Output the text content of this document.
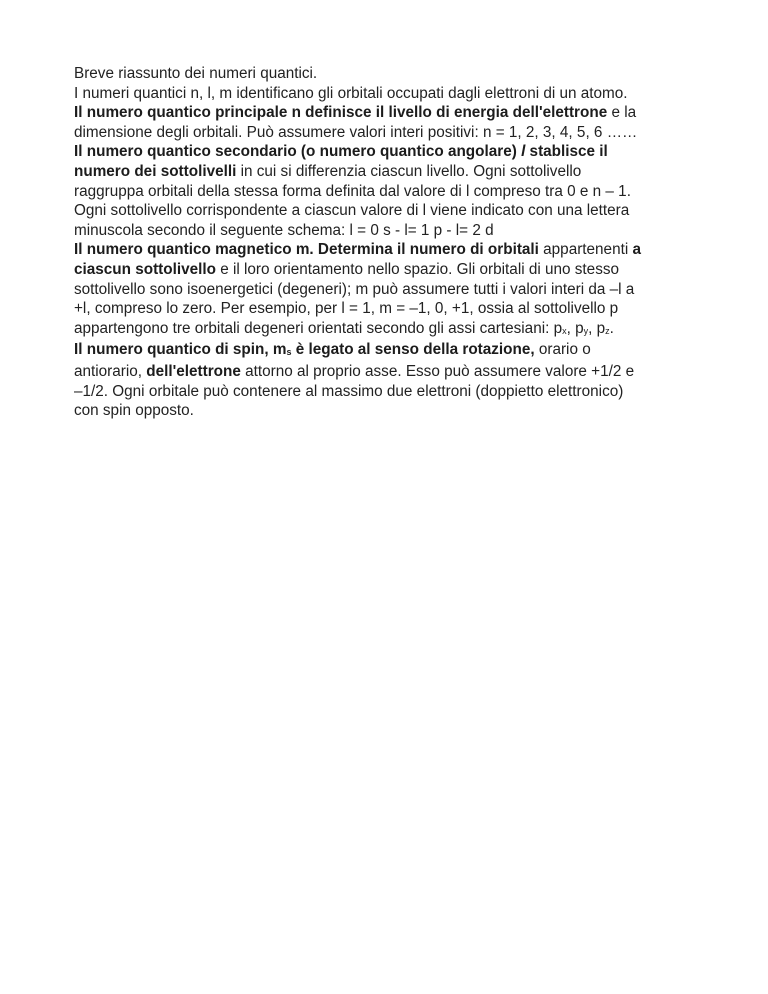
Breve riassunto dei numeri quantici.
I numeri quantici n, l, m identificano gli orbitali occupati dagli elettroni di un atomo.
Il numero quantico principale n definisce il livello di energia dell'elettrone e la
dimensione degli orbitali. Può assumere valori interi positivi: n = 1, 2, 3, 4, 5, 6 ……
Il numero quantico secondario (o numero quantico angolare) l stablisce il
numero dei sottolivelli in cui si differenzia ciascun livello. Ogni sottolivello
raggruppa orbitali della stessa forma definita dal valore di l compreso tra 0 e n – 1.
Ogni sottolivello corrispondente a ciascun valore di l viene indicato con una lettera
minuscola secondo il seguente schema: l = 0 s - l= 1 p - l= 2 d
Il numero quantico magnetico m. Determina il numero di orbitali appartenenti a
ciascun sottolivello e il loro orientamento nello spazio. Gli orbitali di uno stesso
sottolivello sono isoenergetici (degeneri); m può assumere tutti i valori interi da –l a
+l, compreso lo zero. Per esempio, per l = 1, m = –1, 0, +1, ossia al sottolivello p
appartengono tre orbitali degeneri orientati secondo gli assi cartesiani: px, py, pz.
Il numero quantico di spin, ms è legato al senso della rotazione, orario o
antiorario, dell'elettrone attorno al proprio asse. Esso può assumere valore +1/2 e
–1/2. Ogni orbitale può contenere al massimo due elettroni (doppietto elettronico)
con spin opposto.
